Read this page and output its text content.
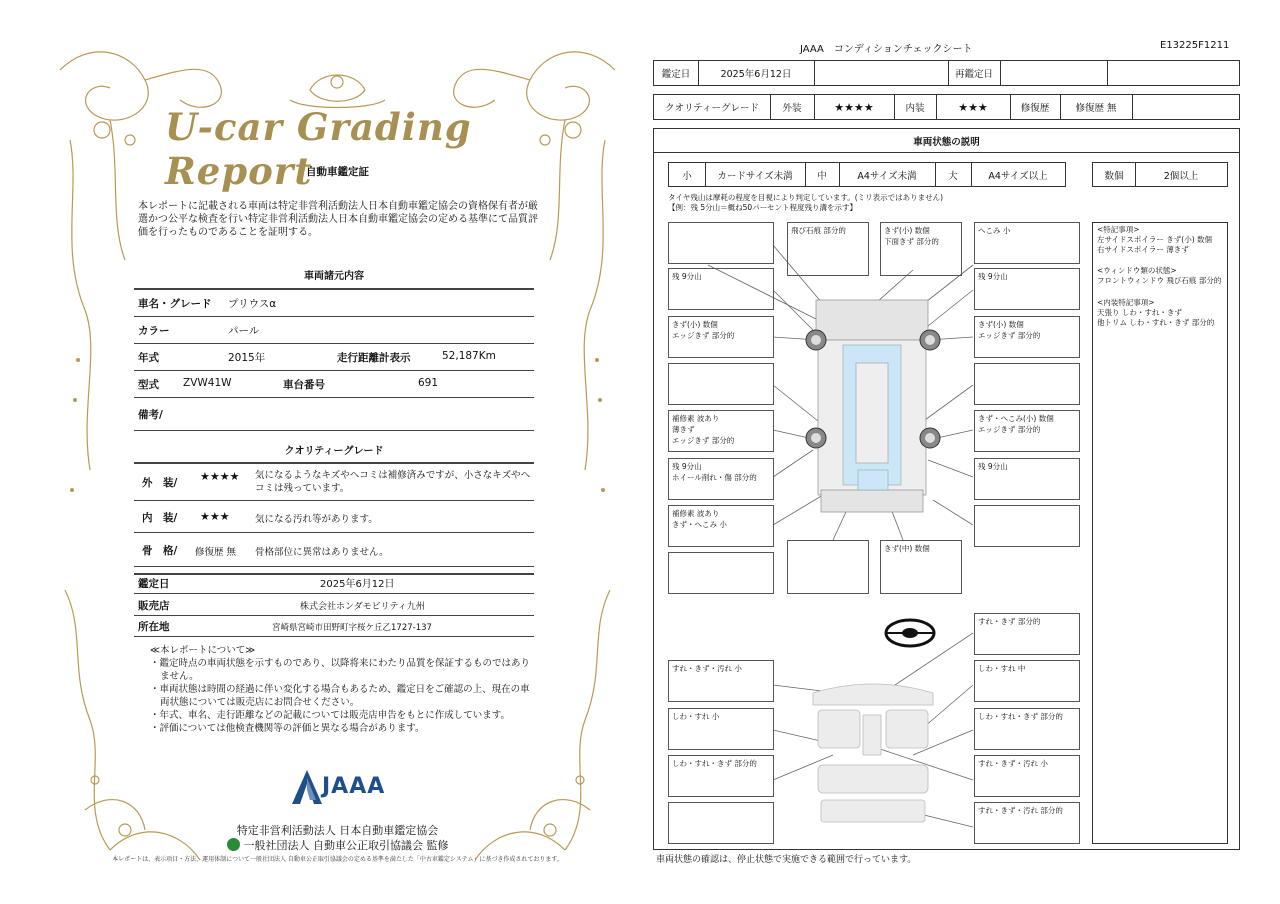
U-car Grading Report
自動車鑑定証
本レポートに記載される車両は特定非営利活動法人日本自動車鑑定協会の資格保有者が厳選かつ公平な検査を行い特定非営利活動法人日本自動車鑑定協会の定める基準にて品質評価を行ったものであることを証明する。
車両諸元内容
車名・グレード プリウスα
カラー	パール
年式	2015年	走行距離計表示	52,187Km
型式 ZVW41W	車台番号	691
備考/
クオリティーグレード
外　装/ ★★★★ 気になるようなキズやヘコミは補修済みですが、小さなキズやヘコミは残っています。
内　装/ ★★★	気になる汚れ等があります。
骨　格/ 修復歴 無 骨格部位に異常はありません。
鑑定日	2025年6月12日
販売店	株式会社ホンダモビリティ九州
所在地	宮崎県宮崎市田野町字桜ケ丘乙1727-137
≪本レポートについて≫
・鑑定時点の車両状態を示すものであり、以降将来にわたり品質を保証するものではありません。
・車両状態は時間の経過に伴い変化する場合もあるため、鑑定日をご確認の上、現在の車両状態については販売店にお問合せください。
・年式、車名、走行距離などの記載については販売店申告をもとに作成しています。
・評価については他検査機関等の評価と異なる場合があります。
JAAA
特定非営利活動法人 日本自動車鑑定協会
一般社団法人 自動車公正取引協議会 監修
本レポートは、表示項目・方法、運用体制について一般社団法人 自動車公正取引協議会の定める基準を満たした「中古車鑑定システム」に基づき作成されております。
JAAA　コンディションチェックシート	E13225F1211
鑑定日	2025年6月12日	再鑑定日
クオリティーグレード	外装	★★★★	内装	★★★	修復歴	修復歴 無
車両状態の説明
小	カードサイズ未満	中	A4サイズ未満	大	A4サイズ以上	数個	2個以上
タイヤ残山は摩耗の程度を目視により判定しています。(ミリ表示ではありません)
【例：残 5分山＝概ね50パーセント程度残り溝を示す】
<特記事項>
左サイドスポイラー きず(小) 数個
右サイドスポイラー 薄きず
<ウィンドウ類の状態>
フロントウィンドウ 飛び石痕 部分的
<内装特記事項>
天張り しわ・すれ・きず
他トリム しわ・すれ・きず 部分的
飛び石痕 部分的	きず(小) 数個
下面きず 部分的
へこみ 小
残 9分山	残 9分山
きず(小) 数個
エッジきず 部分的
きず(小) 数個
エッジきず 部分的
補修素 波あり
薄きず
エッジきず 部分的
きず・へこみ(小) 数個
エッジきず 部分的
残 9分山
ホイール削れ・傷 部分的
残 9分山
補修素 波あり
きず・へこみ 小
きず(中) 数個
すれ・きず 部分的
すれ・きず・汚れ 小	しわ・すれ 中
しわ・すれ 小	しわ・すれ・きず 部分的
しわ・すれ・きず 部分的	すれ・きず・汚れ 小
すれ・きず・汚れ 部分的
車両状態の確認は、停止状態で実施できる範囲で行っています。
